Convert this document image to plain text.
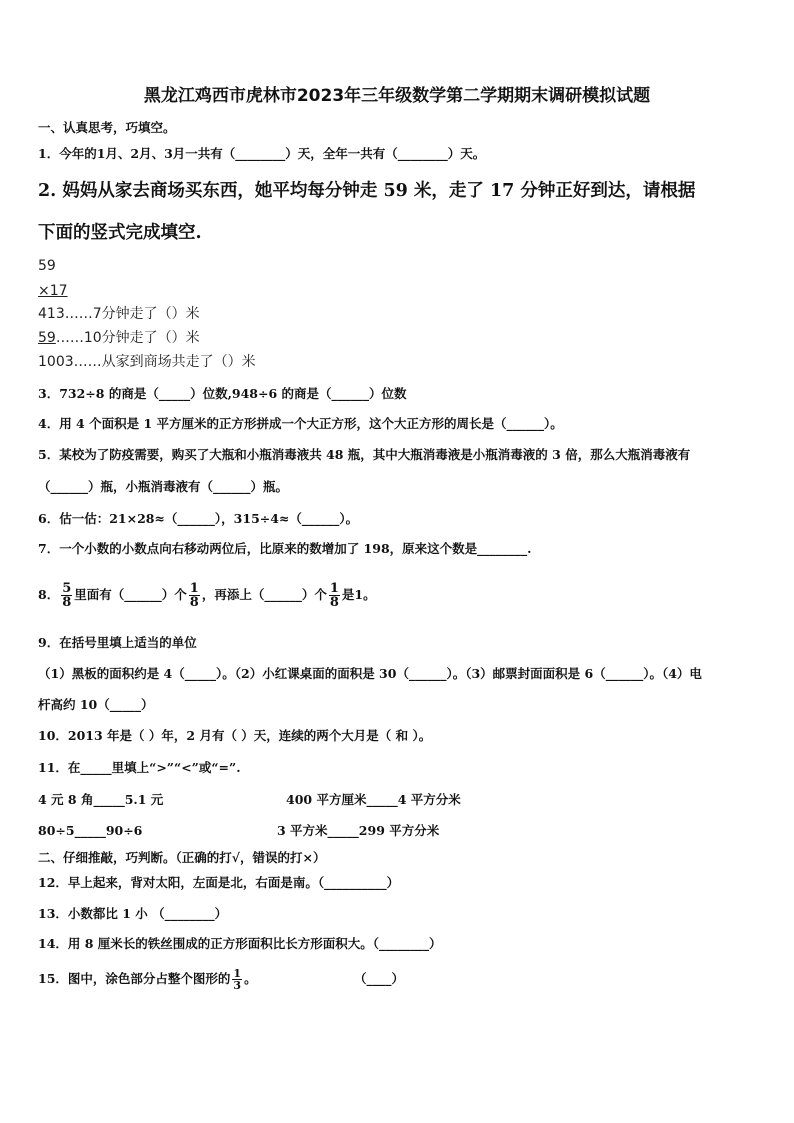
黑龙江鸡西市虎林市2023年三年级数学第二学期期末调研模拟试题
一、认真思考，巧填空。
1．今年的1月、2月、3月一共有（________）天，全年一共有（________）天。
2. 妈妈从家去商场买东西，她平均每分钟走 59 米，走了 17 分钟正好到达，请根据
下面的竖式完成填空.
59
×17
413……7分钟走了（）米
59……10分钟走了（）米
1003……从家到商场共走了（）米
3．732÷8 的商是（_____）位数,948÷6 的商是（______）位数
4．用 4 个面积是 1 平方厘米的正方形拼成一个大正方形，这个大正方形的周长是（______）。
5．某校为了防疫需要，购买了大瓶和小瓶消毒液共 48 瓶，其中大瓶消毒液是小瓶消毒液的 3 倍，那么大瓶消毒液有
（______）瓶，小瓶消毒液有（______）瓶。
6．估一估：21×28≈（______），315÷4≈（______）。
7．一个小数的小数点向右移动两位后，比原来的数增加了 198，原来这个数是________.
8． $\frac{5}{8}$ 里面有（______）个 $\frac{1}{8}$ ，再添上（______）个 $\frac{1}{8}$ 是1。
9．在括号里填上适当的单位
（1）黑板的面积约是 4（_____）。（2）小红课桌面的面积是 30（______）。（3）邮票封面面积是 6（______）。（4）电
杆高约 10（_____）
10．2013 年是（ ）年，2 月有（ ）天，连续的两个大月是（ 和 ）。
11．在_____里填上“>”“<”或“=”.
4 元 8 角_____5.1 元	400 平方厘米_____4 平方分米
80÷5_____90÷6	3 平方米_____299 平方分米
二、仔细推敲，巧判断。（正确的打√，错误的打×）
12．早上起来，背对太阳，左面是北，右面是南。（__________）
13．小数都比 1 小 （________）
14．用 8 厘米长的铁丝围成的正方形面积比长方形面积大。（________）
15．图中，涂色部分占整个图形的 $\frac{1}{3}$ 。	（____）
